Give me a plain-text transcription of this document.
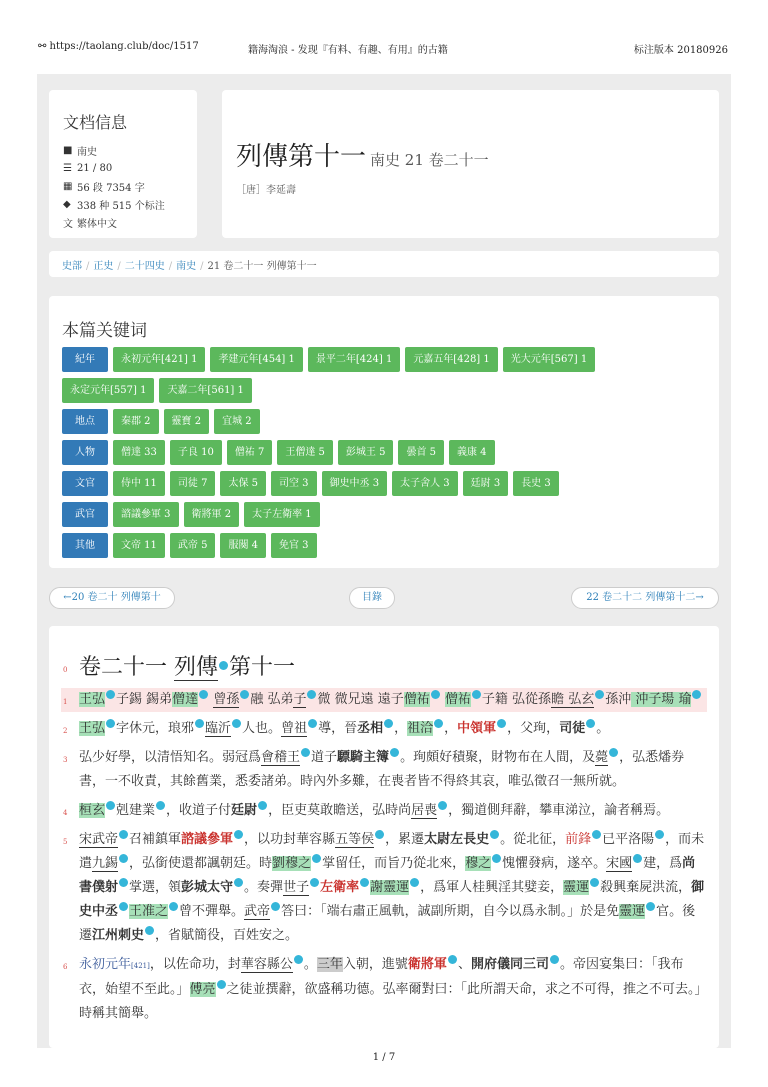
⚯ https://taolang.club/doc/1517	籍海淘浪 - 发现『有料、有趣、有用』的古籍	标注版本 20180926
文档信息
■ 南史
☰ 21 / 80
▦ 56 段 7354 字
◆ 338 种 515 个标注
文 繁体中文
列傳第十一 南史 21 卷二十一
［唐］李延壽
史部 / 正史 / 二十四史 / 南史 / 21 卷二十一 列傳第十一
本篇关键词
紀年	永初元年[421] 1	孝建元年[454] 1	景平二年[424] 1	元嘉五年[428] 1	光大元年[567] 1
永定元年[557] 1	天嘉二年[561] 1
地点	秦郡 2	靈寶 2	宜城 2
人物	僧達 33	子良 10	僧祐 7	王僧達 5	彭城王 5	曇首 5	義康 4
文官	侍中 11	司徒 7	太保 5	司空 3	御史中丞 3	太子舍人 3	廷尉 3	長史 3
武官	諮議參軍 3	衛將軍 2	太子左衛率 1
其他	文帝 11	武帝 5	服闋 4	免官 3
←20 卷二十 列傳第十	目錄	22 卷二十二 列傳第十二→
0 卷二十一 列傳 第十一
1 王弘 子錫 錫弟僧達 曾孫 融 弘弟子 微 微兄遠 遠子僧祐 僧祐 子籍 弘從孫瞻 弘玄 孫沖 沖子瑒 瑜
2 王弘 字休元，琅邪 臨沂 人也。曾祖 導，晉丞相 ，祖洽 ，中領軍 ，父珣，司徒 。
3 弘少好學，以清悟知名。弱冠爲會稽王 道子驃騎主簿 。珣頗好積聚，財物布在人間，及薨 ，弘悉燔券書，一不收責，其餘舊業，悉委諸弟。時內外多難，在喪者皆不得終其哀，唯弘徵召一無所就。
4 桓玄 剋建業 ，收道子付廷尉 ，臣吏莫敢瞻送，弘時尚居喪 ，獨道側拜辭，攀車涕泣，論者稱焉。
5 宋武帝 召補鎮軍諮議參軍 ，以功封華容縣五等侯 ，累遷太尉左長史 。從北征，前鋒 已平洛陽 ，而未遣九錫 ，弘銜使還都諷朝廷。時劉穆之 掌留任，而旨乃從北來，穆之 愧懼發病，遂卒。宋國 建，爲尚書僕射 掌選，領彭城太守 。奏彈世子 左衛率 謝靈運 ，爲軍人桂興淫其嬖妾，靈運 殺興棄屍洪流，御史中丞 王准之 曾不彈舉。武帝 答曰：「端右肅正風軌，誠副所期，自今以爲永制。」於是免靈運 官。後遷江州刺史 ，省賦簡役，百姓安之。
6 永初元年[421]，以佐命功，封華容縣公 。三年入朝，進號衛將軍 、開府儀同三司 。帝因宴集曰：「我布衣，始望不至此。」傅亮 之徒並撰辭，欲盛稱功德。弘率爾對曰：「此所謂天命，求之不可得，推之不可去。」時稱其簡舉。
1 / 7
